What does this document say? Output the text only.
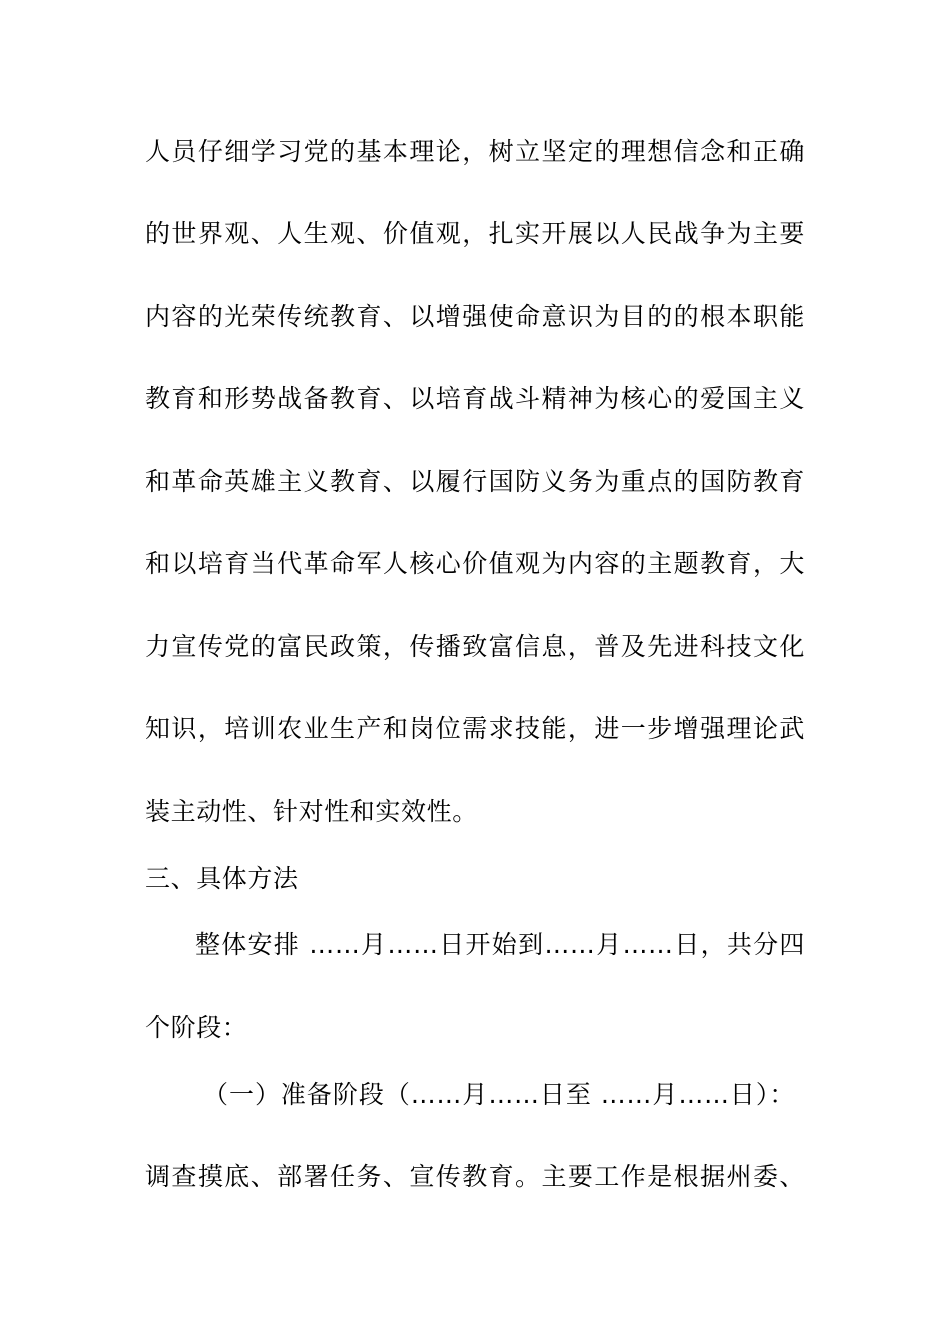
人员仔细学习党的基本理论，树立坚定的理想信念和正确
的世界观、人生观、价值观，扎实开展以人民战争为主要
内容的光荣传统教育、以增强使命意识为目的的根本职能
教育和形势战备教育、以培育战斗精神为核心的爱国主义
和革命英雄主义教育、以履行国防义务为重点的国防教育
和以培育当代革命军人核心价值观为内容的主题教育，大
力宣传党的富民政策，传播致富信息，普及先进科技文化
知识，培训农业生产和岗位需求技能，进一步增强理论武
装主动性、针对性和实效性。
三、具体方法
整体安排 ……月……日开始到……月……日，共分四
个阶段：
（一）准备阶段（……月……日至 ……月……日）：
调查摸底、部署任务、宣传教育。主要工作是根据州委、
